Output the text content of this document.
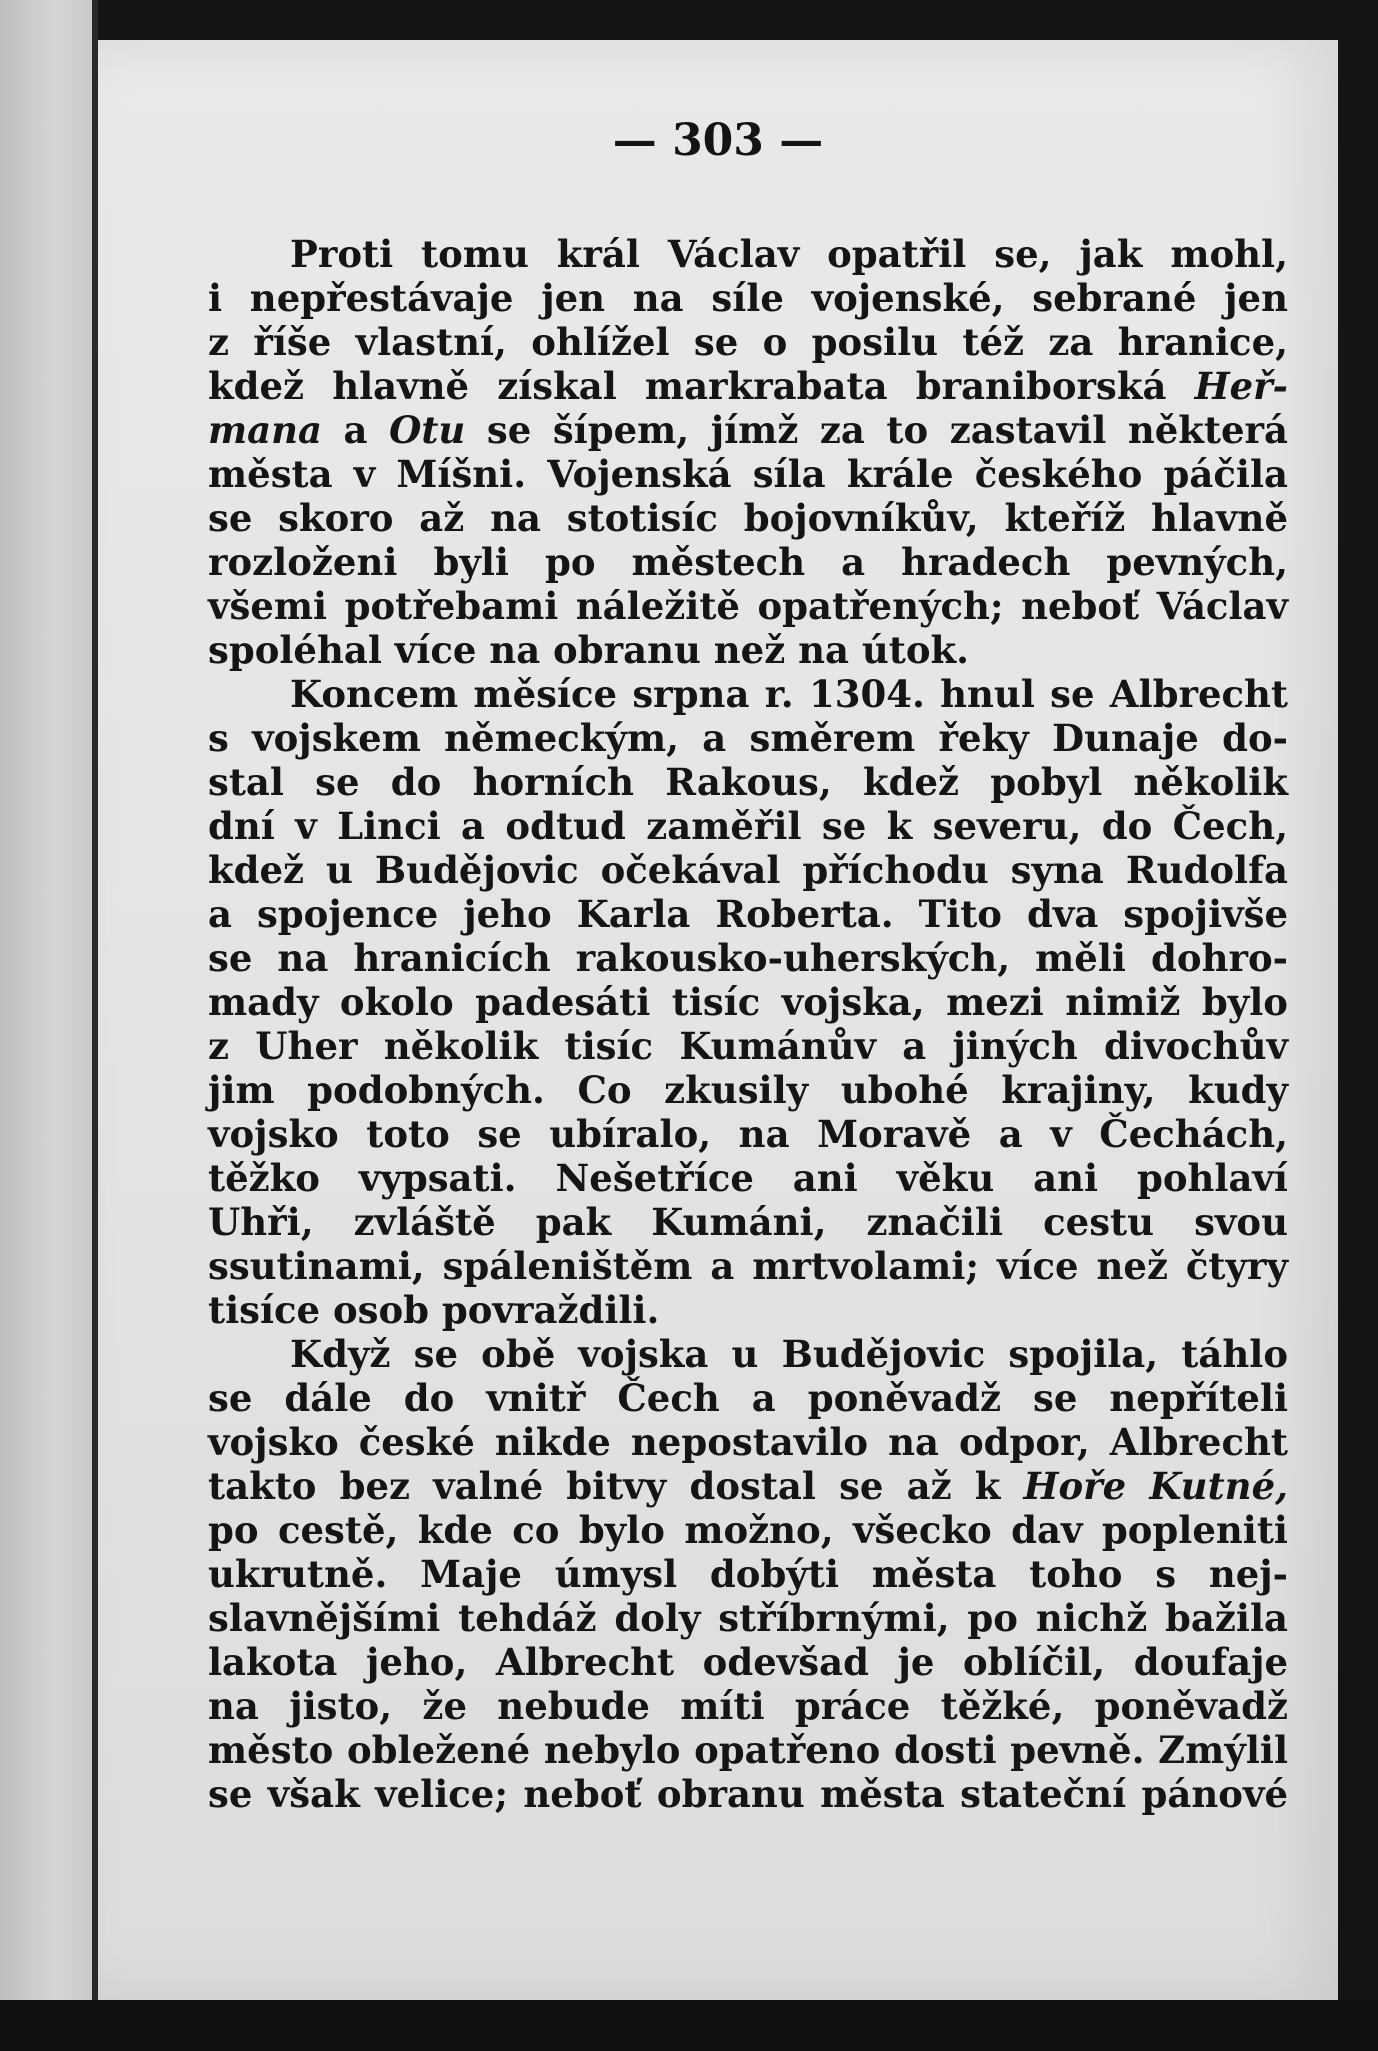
— 303 —
Proti tomu král Václav opatřil se, jak mohl,
i nepřestávaje jen na síle vojenské, sebrané jen
z říše vlastní, ohlížel se o posilu též za hranice,
kdež hlavně získal markrabata braniborská Heř-
mana a Otu se šípem, jímž za to zastavil některá
města v Míšni. Vojenská síla krále českého páčila
se skoro až na stotisíc bojovníkův, kteříž hlavně
rozloženi byli po městech a hradech pevných,
všemi potřebami náležitě opatřených; neboť Václav
spoléhal více na obranu než na útok.
Koncem měsíce srpna r. 1304. hnul se Albrecht
s vojskem německým, a směrem řeky Dunaje do-
stal se do horních Rakous, kdež pobyl několik
dní v Linci a odtud zaměřil se k severu, do Čech,
kdež u Budějovic očekával příchodu syna Rudolfa
a spojence jeho Karla Roberta. Tito dva spojivše
se na hranicích rakousko-uherských, měli dohro-
mady okolo padesáti tisíc vojska, mezi nimiž bylo
z Uher několik tisíc Kumánův a jiných divochův
jim podobných. Co zkusily ubohé krajiny, kudy
vojsko toto se ubíralo, na Moravě a v Čechách,
těžko vypsati. Nešetříce ani věku ani pohlaví
Uhři, zvláště pak Kumáni, značili cestu svou
ssutinami, spáleništěm a mrtvolami; více než čtyry
tisíce osob povraždili.
Když se obě vojska u Budějovic spojila, táhlo
se dále do vnitř Čech a poněvadž se nepříteli
vojsko české nikde nepostavilo na odpor, Albrecht
takto bez valné bitvy dostal se až k Hoře Kutné,
po cestě, kde co bylo možno, všecko dav popleniti
ukrutně. Maje úmysl dobýti města toho s nej-
slavnějšími tehdáž doly stříbrnými, po nichž bažila
lakota jeho, Albrecht odevšad je oblíčil, doufaje
na jisto, že nebude míti práce těžké, poněvadž
město obležené nebylo opatřeno dosti pevně. Zmýlil
se však velice; neboť obranu města stateční pánové
